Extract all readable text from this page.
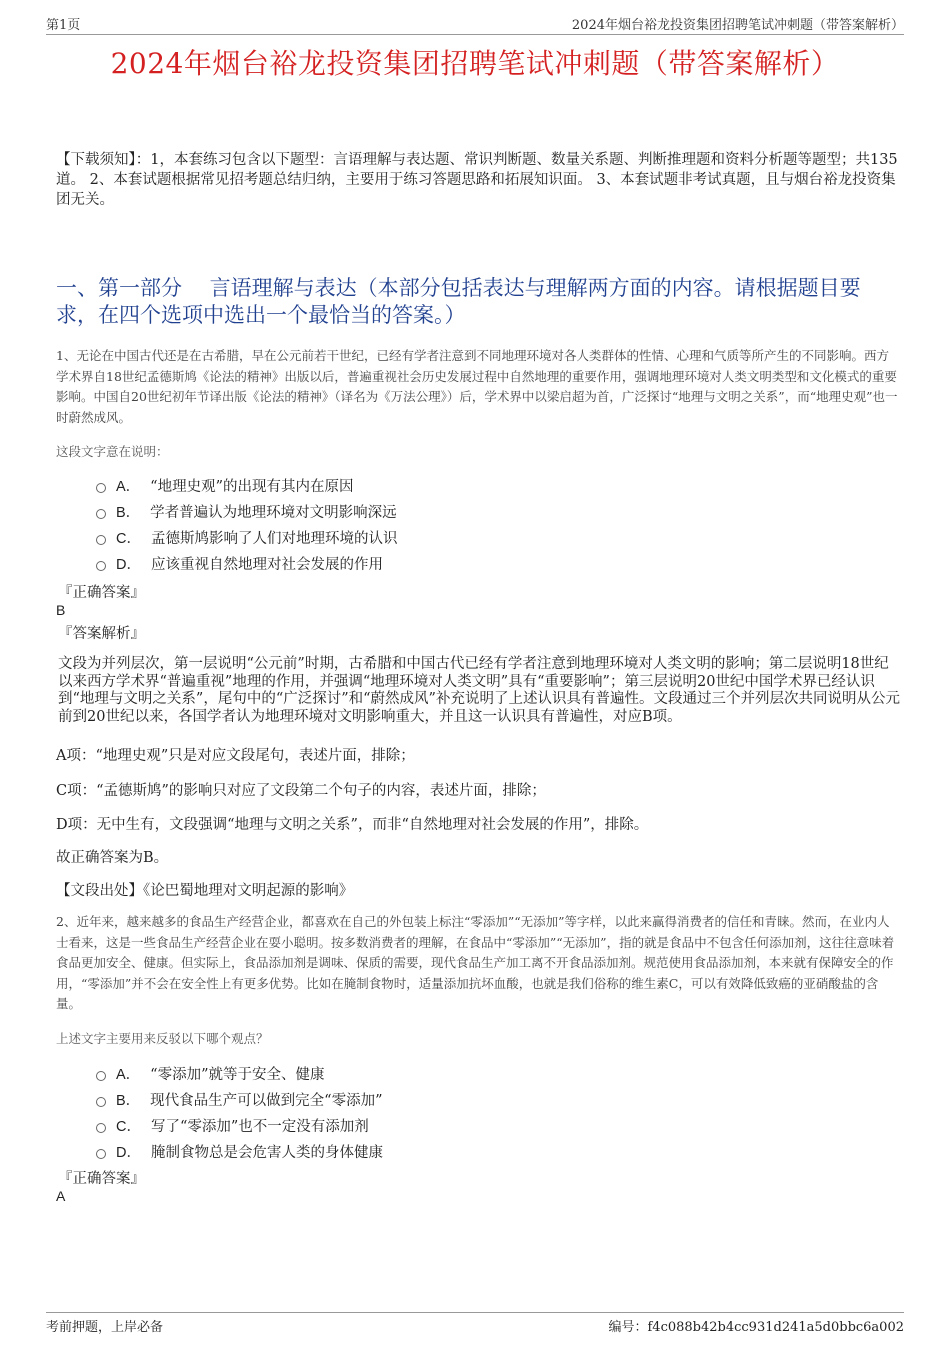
第1页	2024年烟台裕龙投资集团招聘笔试冲刺题（带答案解析）
2024年烟台裕龙投资集团招聘笔试冲刺题（带答案解析）
【下载须知】：1，本套练习包含以下题型：言语理解与表达题、常识判断题、数量关系题、判断推理题和资料分析题等题型；共135道。 2、本套试题根据常见招考题总结归纳，主要用于练习答题思路和拓展知识面。 3、本套试题非考试真题，且与烟台裕龙投资集团无关。
一、第一部分　 言语理解与表达（本部分包括表达与理解两方面的内容。请根据题目要求，在四个选项中选出一个最恰当的答案。）
1、无论在中国古代还是在古希腊，早在公元前若干世纪，已经有学者注意到不同地理环境对各人类群体的性情、心理和气质等所产生的不同影响。西方学术界自18世纪孟德斯鸠《论法的精神》出版以后，普遍重视社会历史发展过程中自然地理的重要作用，强调地理环境对人类文明类型和文化模式的重要影响。中国自20世纪初年节译出版《论法的精神》（译名为《万法公理》）后，学术界中以梁启超为首，广泛探讨“地理与文明之关系”，而“地理史观”也一时蔚然成风。
这段文字意在说明：
A． “地理史观”的出现有其内在原因
B． 学者普遍认为地理环境对文明影响深远
C． 孟德斯鸠影响了人们对地理环境的认识
D． 应该重视自然地理对社会发展的作用
『正确答案』
B
『答案解析』
文段为并列层次，第一层说明“公元前”时期，古希腊和中国古代已经有学者注意到地理环境对人类文明的影响；第二层说明18世纪以来西方学术界“普遍重视”地理的作用，并强调“地理环境对人类文明”具有“重要影响”；第三层说明20世纪中国学术界已经认识到“地理与文明之关系”，尾句中的“广泛探讨”和“蔚然成风”补充说明了上述认识具有普遍性。文段通过三个并列层次共同说明从公元前到20世纪以来，各国学者认为地理环境对文明影响重大，并且这一认识具有普遍性，对应B项。
A项：“地理史观”只是对应文段尾句，表述片面，排除；
C项：“孟德斯鸠”的影响只对应了文段第二个句子的内容，表述片面，排除；
D项：无中生有，文段强调“地理与文明之关系”，而非“自然地理对社会发展的作用”，排除。
故正确答案为B。
【文段出处】《论巴蜀地理对文明起源的影响》
2、近年来，越来越多的食品生产经营企业，都喜欢在自己的外包装上标注“零添加”“无添加”等字样，以此来赢得消费者的信任和青睐。然而，在业内人士看来，这是一些食品生产经营企业在耍小聪明。按多数消费者的理解，在食品中“零添加”“无添加”，指的就是食品中不包含任何添加剂，这往往意味着食品更加安全、健康。但实际上，食品添加剂是调味、保质的需要，现代食品生产加工离不开食品添加剂。规范使用食品添加剂，本来就有保障安全的作用，“零添加”并不会在安全性上有更多优势。比如在腌制食物时，适量添加抗坏血酸，也就是我们俗称的维生素C，可以有效降低致癌的亚硝酸盐的含量。
上述文字主要用来反驳以下哪个观点？
A． “零添加”就等于安全、健康
B． 现代食品生产可以做到完全“零添加”
C． 写了“零添加”也不一定没有添加剂
D． 腌制食物总是会危害人类的身体健康
『正确答案』
A
考前押题，上岸必备	编号：f4c088b42b4cc931d241a5d0bbc6a002
